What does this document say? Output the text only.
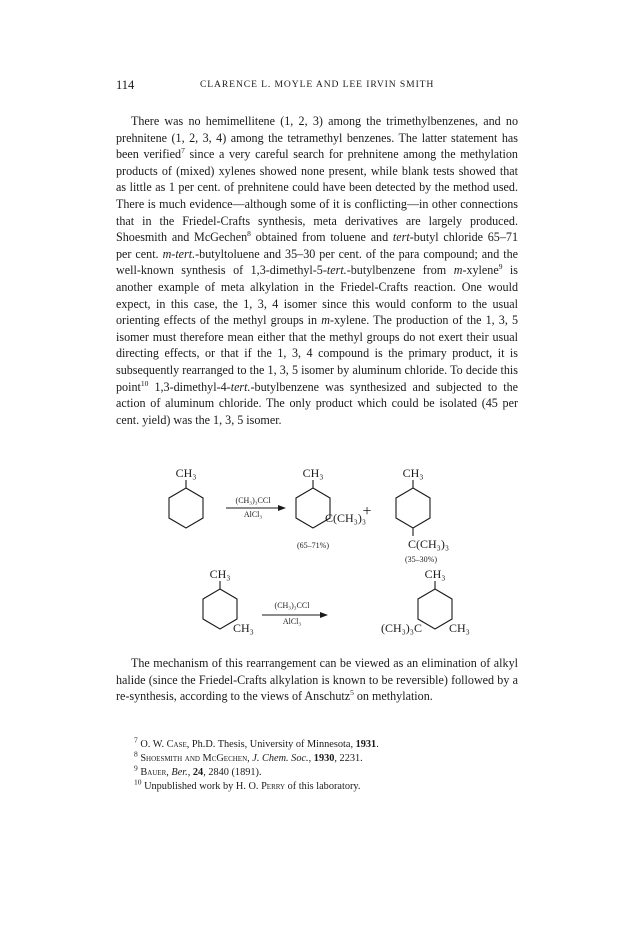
114	CLARENCE L. MOYLE AND LEE IRVIN SMITH

There was no hemimellitene (1, 2, 3) among the trimethylbenzenes, and no prehnitene (1, 2, 3, 4) among the tetramethyl benzenes. The latter statement has been verified$^7$ since a very careful search for prehnitene among the methylation products of (mixed) xylenes showed none present, while blank tests showed that as little as 1 per cent. of prehnitene could have been detected by the method used. There is much evidence—although some of it is conflicting—in other connections that in the Friedel-Crafts synthesis, meta derivatives are largely produced. Shoesmith and McGechen$^8$ obtained from toluene and tert-butyl chloride 65–71 per cent. m-tert.-butyltoluene and 35–30 per cent. of the para compound; and the well-known synthesis of 1,3-dimethyl-5-tert.-butylbenzene from m-xylene$^9$ is another example of meta alkylation in the Friedel-Crafts reaction. One would expect, in this case, the 1, 3, 4 isomer since this would conform to the usual orienting effects of the methyl groups in m-xylene. The production of the 1, 3, 5 isomer must therefore mean either that the methyl groups do not exert their usual directing effects, or that if the 1, 3, 4 compound is the primary product, it is subsequently rearranged to the 1, 3, 5 isomer by aluminum chloride. To decide this point$^{10}$ 1,3-dimethyl-4-tert.-butylbenzene was synthesized and subjected to the action of aluminum chloride. The only product which could be isolated (45 per cent. yield) was the 1, 3, 5 isomer.

CH₃	CH₃	CH₃
(CH₃)₃CCl
AlCl₃	C(CH₃)₃
+
C(CH₃)₃
(65–71%)
(35–30%)
CH₃
CH₃
CH₃
CH₃
(CH₃)₃C
(CH₃)₃CCl
AlCl₃

The mechanism of this rearrangement can be viewed as an elimination of alkyl halide (since the Friedel-Crafts alkylation is known to be reversible) followed by a re-synthesis, according to the views of Anschutz$^5$ on methylation.

$^7$ O. W. Case, Ph.D. Thesis, University of Minnesota, 1931.
$^8$ Shoesmith and McGechen, J. Chem. Soc., 1930, 2231.
$^9$ Bauer, Ber., 24, 2840 (1891).
$^{10}$ Unpublished work by H. O. Perry of this laboratory.
